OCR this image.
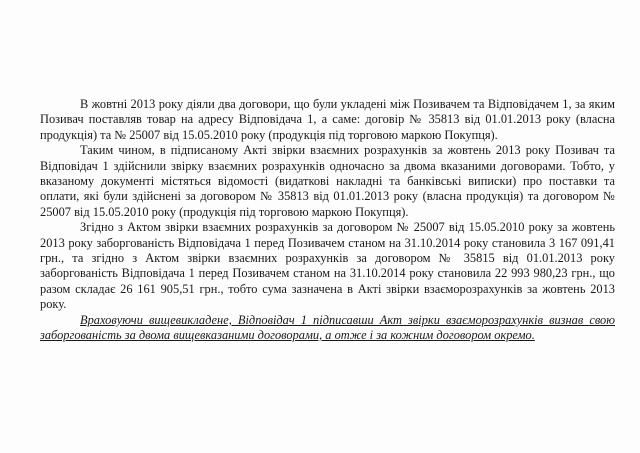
В жовтні 2013 року діяли два договори, що були укладені між Позивачем та Відповідачем 1, за яким Позивач поставляв товар на адресу Відповідача 1, а саме: договір № 35813 від 01.01.2013 року (власна продукція) та № 25007 від 15.05.2010 року (продукція під торговою маркою Покупця).

Таким чином, в підписаному Акті звірки взаємних розрахунків за жовтень 2013 року Позивач та Відповідач 1 здійснили звірку взаємних розрахунків одночасно за двома вказаними договорами. Тобто, у вказаному документі містяться відомості (видаткові накладні та банківські виписки) про поставки та оплати, які були здійснені за договором № 35813 від 01.01.2013 року (власна продукція) та договором № 25007 від 15.05.2010 року (продукція під торговою маркою Покупця).

Згідно з Актом звірки взаємних розрахунків за договором № 25007 від 15.05.2010 року за жовтень 2013 року заборгованість Відповідача 1 перед Позивачем станом на 31.10.2014 року становила 3 167 091,41 грн., та згідно з Актом звірки взаємних розрахунків за договором № 35815 від 01.01.2013 року заборгованість Відповідача 1 перед Позивачем станом на 31.10.2014 року становила 22 993 980,23 грн., що разом складає 26 161 905,51 грн., тобто сума зазначена в Акті звірки взаєморозрахунків за жовтень 2013 року.

Враховуючи вищевикладене, Відповідач 1 підписавши Акт звірки взаєморозрахунків визнав свою заборгованість за двома вищевказаними договорами, а отже і за кожним договором окремо.
